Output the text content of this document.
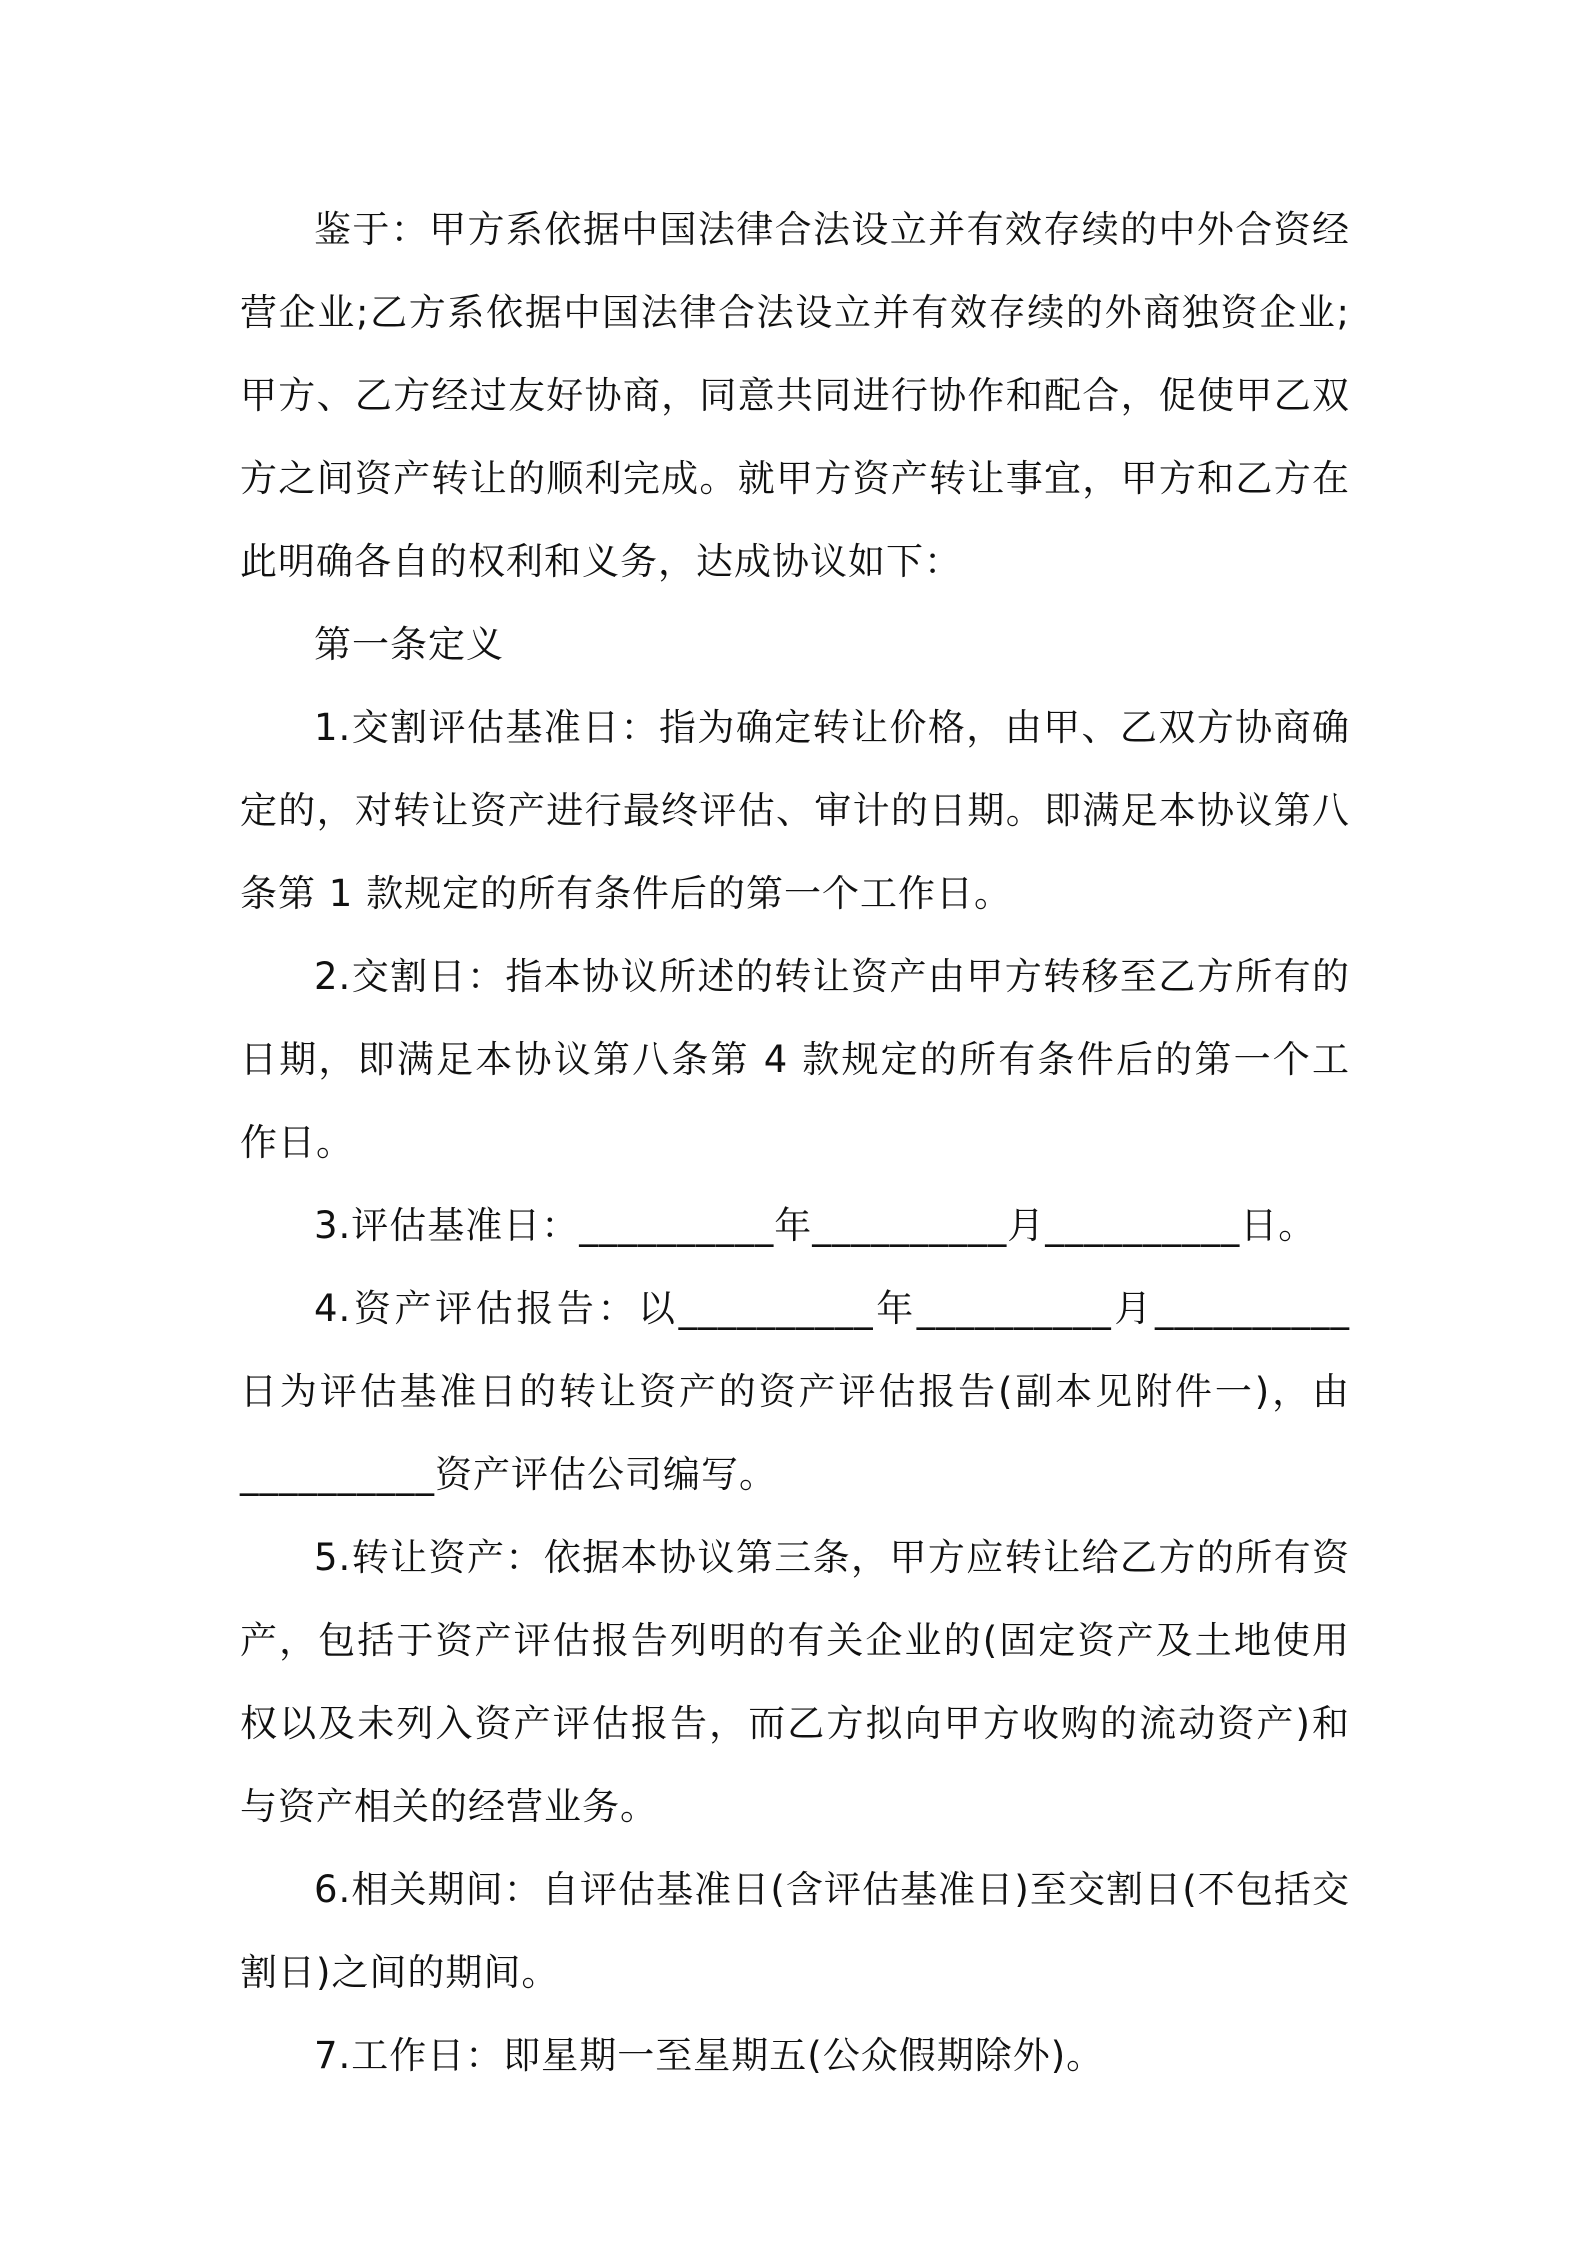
鉴于：甲方系依据中国法律合法设立并有效存续的中外合资经营企业;乙方系依据中国法律合法设立并有效存续的外商独资企业;甲方、乙方经过友好协商，同意共同进行协作和配合，促使甲乙双方之间资产转让的顺利完成。就甲方资产转让事宜，甲方和乙方在此明确各自的权利和义务，达成协议如下：

第一条定义

1.交割评估基准日：指为确定转让价格，由甲、乙双方协商确定的，对转让资产进行最终评估、审计的日期。即满足本协议第八条第 1 款规定的所有条件后的第一个工作日。

2.交割日：指本协议所述的转让资产由甲方转移至乙方所有的日期，即满足本协议第八条第 4 款规定的所有条件后的第一个工作日。

3.评估基准日：__________年__________月__________日。

4.资产评估报告：以__________年__________月__________日为评估基准日的转让资产的资产评估报告(副本见附件一)，由__________资产评估公司编写。

5.转让资产：依据本协议第三条，甲方应转让给乙方的所有资产，包括于资产评估报告列明的有关企业的(固定资产及土地使用权以及未列入资产评估报告，而乙方拟向甲方收购的流动资产)和与资产相关的经营业务。

6.相关期间：自评估基准日(含评估基准日)至交割日(不包括交割日)之间的期间。

7.工作日：即星期一至星期五(公众假期除外)。
